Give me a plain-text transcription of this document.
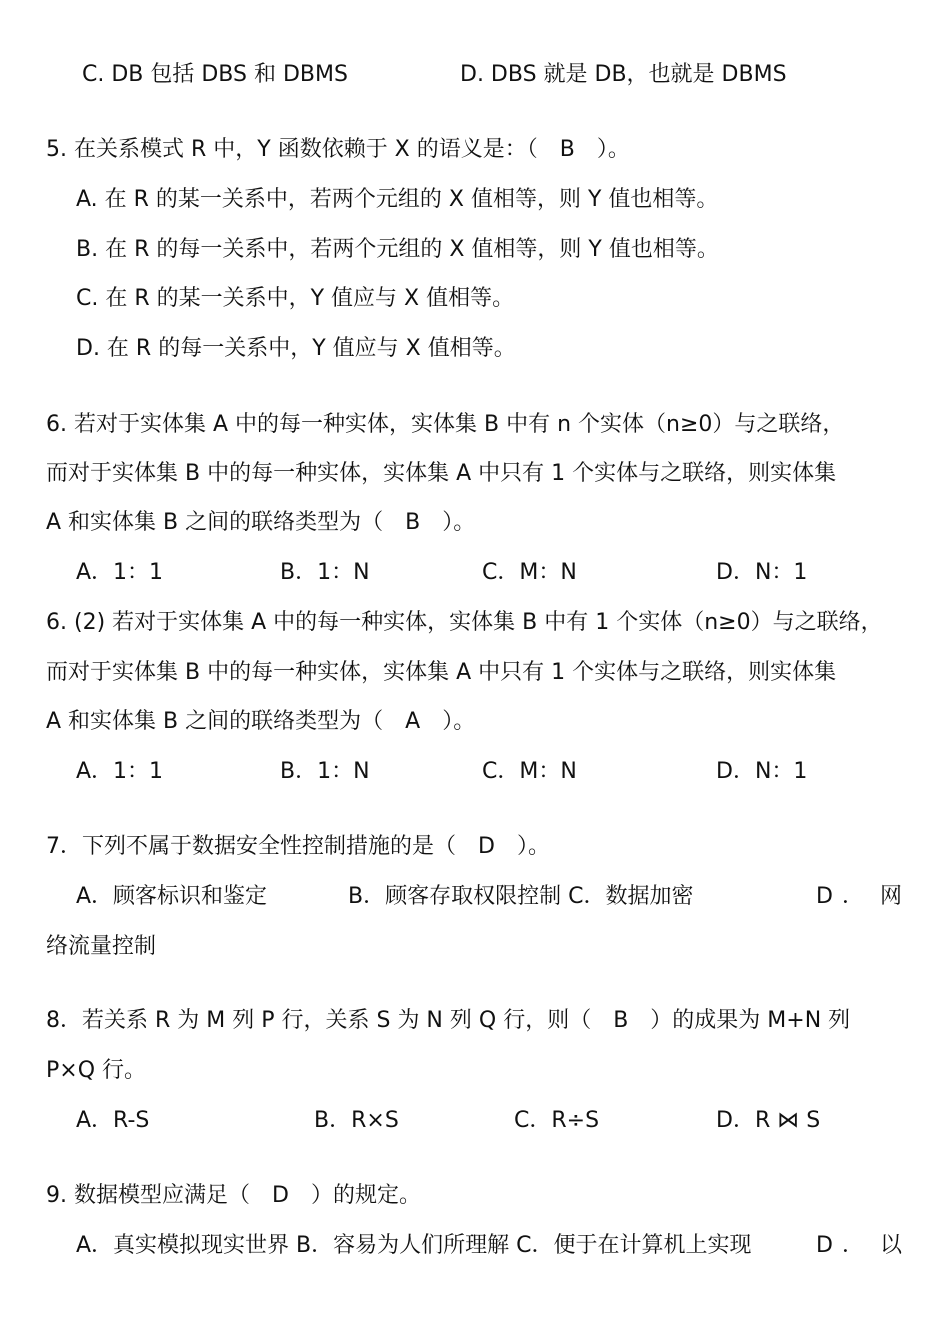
C. DB 包括 DBS 和 DBMS	D. DBS 就是 DB，也就是 DBMS
5. 在关系模式 R 中，Y 函数依赖于 X 的语义是：（ B ）。
A. 在 R 的某一关系中，若两个元组的 X 值相等，则 Y 值也相等。
B. 在 R 的每一关系中，若两个元组的 X 值相等，则 Y 值也相等。
C. 在 R 的某一关系中，Y 值应与 X 值相等。
D. 在 R 的每一关系中，Y 值应与 X 值相等。
6. 若对于实体集 A 中的每一种实体，实体集 B 中有 n 个实体（n≥0）与之联络，
而对于实体集 B 中的每一种实体，实体集 A 中只有 1 个实体与之联络，则实体集
A 和实体集 B 之间的联络类型为（ B ）。
A．1：1	B．1：N	C．M：N	D．N：1
6. (2) 若对于实体集 A 中的每一种实体，实体集 B 中有 1 个实体（n≥0）与之联络，
而对于实体集 B 中的每一种实体，实体集 A 中只有 1 个实体与之联络，则实体集
A 和实体集 B 之间的联络类型为（ A ）。
A．1：1	B．1：N	C．M：N	D．N：1
7．下列不属于数据安全性控制措施的是（ D ）。
A．顾客标识和鉴定	B．顾客存取权限控制 C．数据加密	D ． 网
络流量控制
8．若关系 R 为 M 列 P 行，关系 S 为 N 列 Q 行，则（ B ）的成果为 M+N 列
P×Q 行。
A．R-S	B．R×S	C．R÷S	D．R ⋈ S
9. 数据模型应满足（ D ）的规定。
A．真实模拟现实世界 B．容易为人们所理解 C．便于在计算机上实现	D ． 以
